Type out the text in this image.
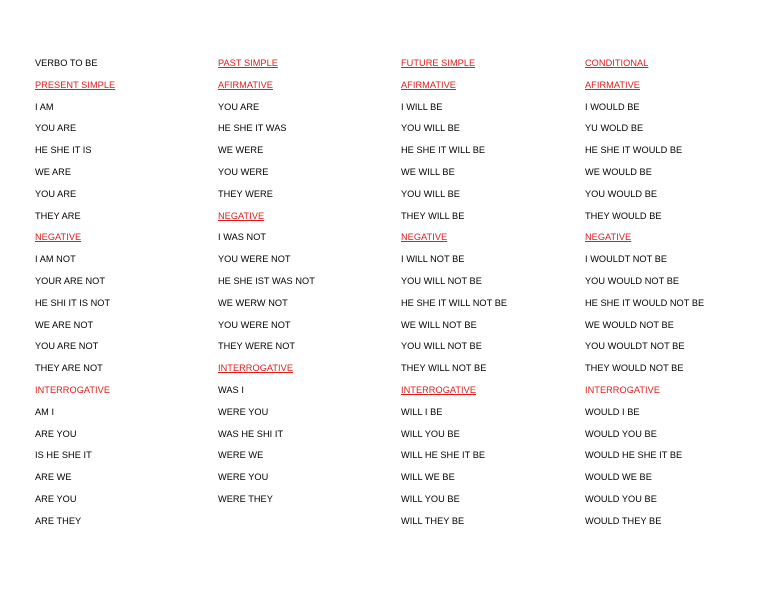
VERBO TO BE
PRESENT SIMPLE
I AM
YOU ARE
HE SHE IT IS
WE ARE
YOU ARE
THEY ARE
NEGATIVE
I AM NOT
YOUR ARE NOT
HE SHI IT IS NOT
WE ARE NOT
YOU ARE NOT
THEY ARE NOT
INTERROGATIVE
AM I
ARE YOU
IS HE SHE IT
ARE WE
ARE YOU
ARE THEY
PAST SIMPLE
AFIRMATIVE
YOU ARE
HE SHE IT WAS
WE WERE
YOU WERE
THEY WERE
NEGATIVE
I WAS NOT
YOU WERE NOT
HE SHE IST WAS NOT
WE WERW NOT
YOU WERE NOT
THEY WERE NOT
INTERROGATIVE
WAS I
WERE YOU
WAS HE SHI IT
WERE WE
WERE YOU
WERE THEY
FUTURE SIMPLE
AFIRMATIVE
I WILL BE
YOU WILL BE
HE SHE IT WILL BE
WE WILL BE
YOU WILL BE
THEY WILL BE
NEGATIVE
I WILL NOT BE
YOU WILL NOT BE
HE SHE IT WILL NOT BE
WE WILL NOT BE
YOU WILL NOT BE
THEY WILL NOT BE
INTERROGATIVE
WILL I BE
WILL YOU BE
WILL HE SHE IT BE
WILL WE BE
WILL YOU BE
WILL THEY BE
CONDITIONAL
AFIRMATIVE
I WOULD BE
YU WOLD BE
HE SHE IT WOULD BE
WE WOULD BE
YOU WOULD BE
THEY WOULD BE
NEGATIVE
I WOULDT NOT BE
YOU WOULD NOT BE
HE SHE IT WOULD NOT BE
WE WOULD NOT BE
YOU WOULDT NOT BE
THEY WOULD NOT BE
INTERROGATIVE
WOULD I BE
WOULD YOU BE
WOULD HE SHE IT BE
WOULD WE BE
WOULD YOU BE
WOULD THEY BE
